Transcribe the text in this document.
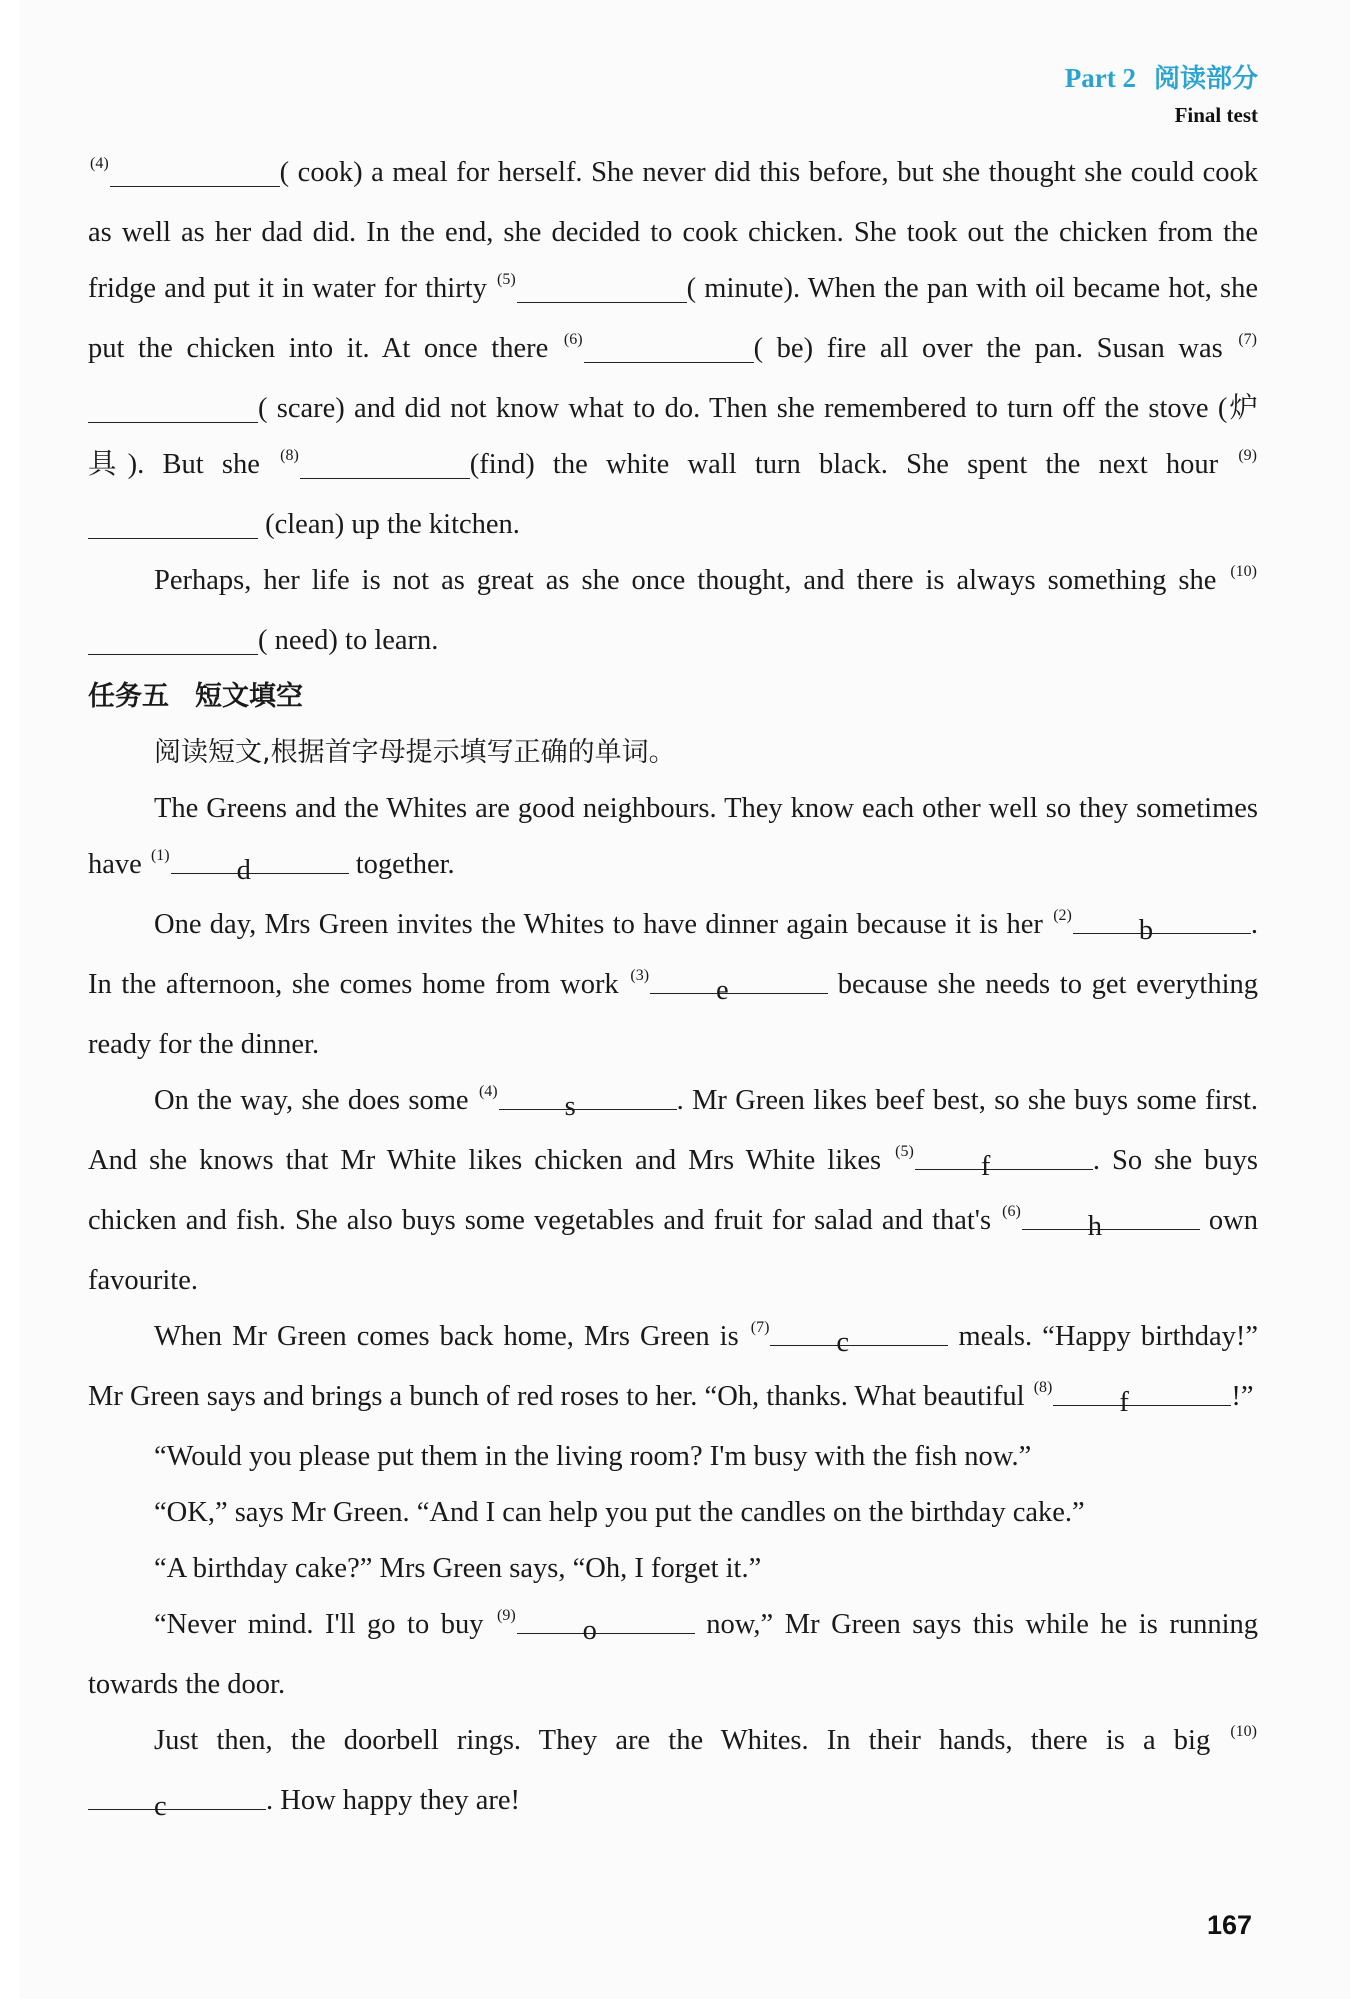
Part 2 阅读部分
Final test

$^{(4)}$	( cook) a meal for herself. She never did this before, but she thought she could cook as well as her dad did. In the end, she decided to cook chicken. She took out the chicken from the fridge and put it in water for thirty $^{(5)}$	( minute). When the pan with oil became hot, she put the chicken into it. At once there $^{(6)}$	( be) fire all over the pan. Susan was $^{(7)}$( scare) and did not know what to do. Then she remembered to turn off the stove (炉具). But she $^{(8)}$	(find) the white wall turn black. She spent the next hour $^{(9)}$ (clean) up the kitchen.

Perhaps, her life is not as great as she once thought, and there is always something she $^{(10)}$( need) to learn.

任务五 短文填空

阅读短文,根据首字母提示填写正确的单词。

The Greens and the Whites are good neighbours. They know each other well so they sometimes have $^{(1)}$ d	together.

One day, Mrs Green invites the Whites to have dinner again because it is her $^{(2)}$ b	. In the afternoon, she comes home from work $^{(3)}$ e	because she needs to get everything ready for the dinner.

On the way, she does some $^{(4)}$ s	. Mr Green likes beef best, so she buys some first. And she knows that Mr White likes chicken and Mrs White likes $^{(5)}$ f	. So she buys chicken and fish. She also buys some vegetables and fruit for salad and that's $^{(6)}$ h	own favourite.

When Mr Green comes back home, Mrs Green is $^{(7)}$ c	meals. “Happy birthday!” Mr Green says and brings a bunch of red roses to her. “Oh, thanks. What beautiful $^{(8)}$ f	!”

“Would you please put them in the living room? I'm busy with the fish now.”

“OK,” says Mr Green. “And I can help you put the candles on the birthday cake.”

“A birthday cake?” Mrs Green says, “Oh, I forget it.”

“Never mind. I'll go to buy $^{(9)}$ o	now,” Mr Green says this while he is running towards the door.

Just then, the doorbell rings. They are the Whites. In their hands, there is a big $^{(10)}$c	. How happy they are!

167
